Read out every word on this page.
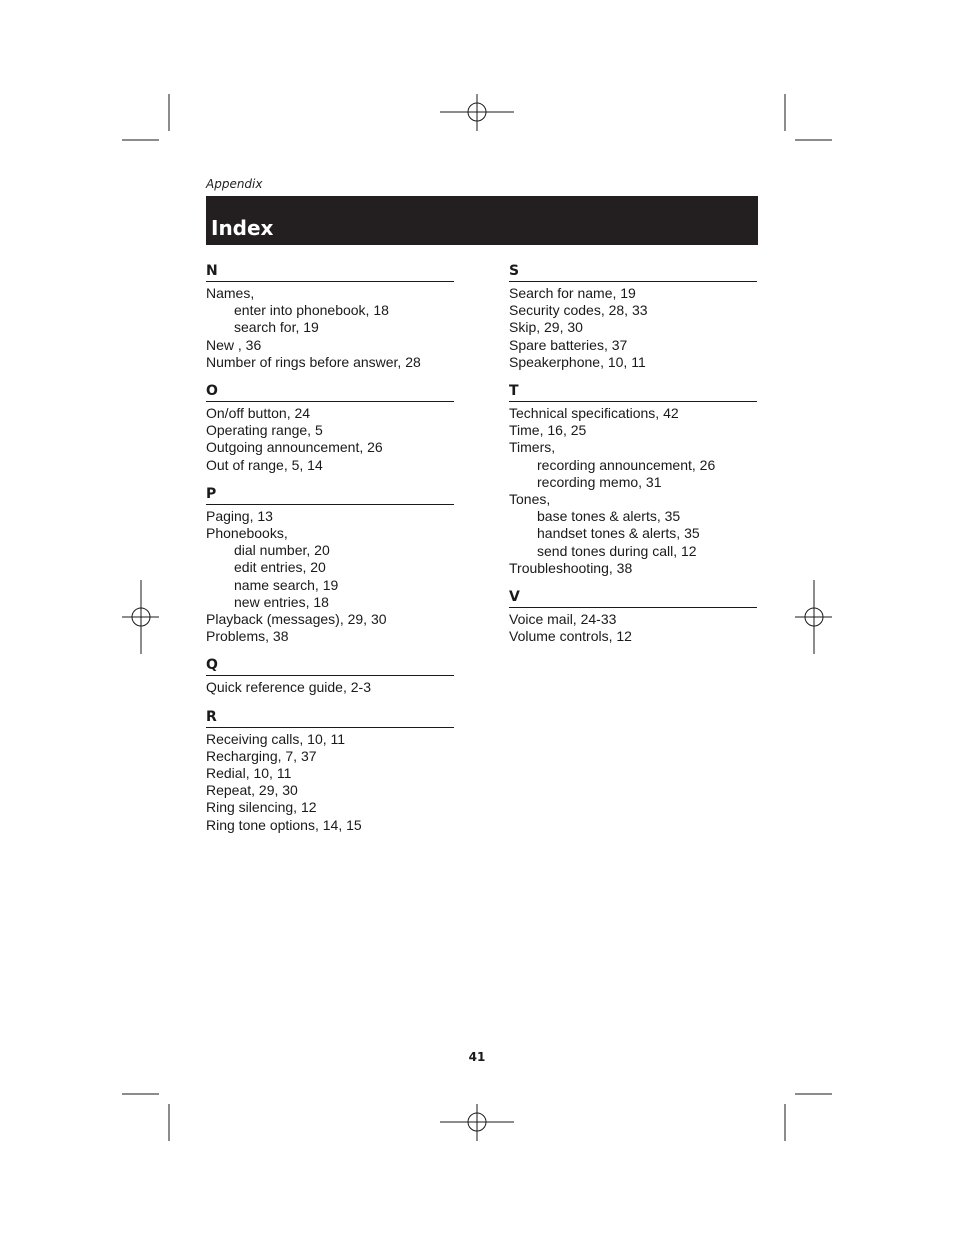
Appendix
Index
N
Names,
enter into phonebook, 18
search for, 19
New , 36
Number of rings before answer, 28
O
On/off button, 24
Operating range, 5
Outgoing announcement, 26
Out of range, 5, 14
P
Paging, 13
Phonebooks,
dial number, 20
edit entries, 20
name search, 19
new entries, 18
Playback (messages), 29, 30
Problems, 38
Q
Quick reference guide, 2-3
R
Receiving calls, 10, 11
Recharging, 7, 37
Redial, 10, 11
Repeat, 29, 30
Ring silencing, 12
Ring tone options, 14, 15
S
Search for name, 19
Security codes, 28, 33
Skip, 29, 30
Spare batteries, 37
Speakerphone, 10, 11
T
Technical specifications, 42
Time, 16, 25
Timers,
recording announcement, 26
recording memo, 31
Tones,
base tones & alerts, 35
handset tones & alerts, 35
send tones during call, 12
Troubleshooting, 38
V
Voice mail, 24-33
Volume controls, 12
41
